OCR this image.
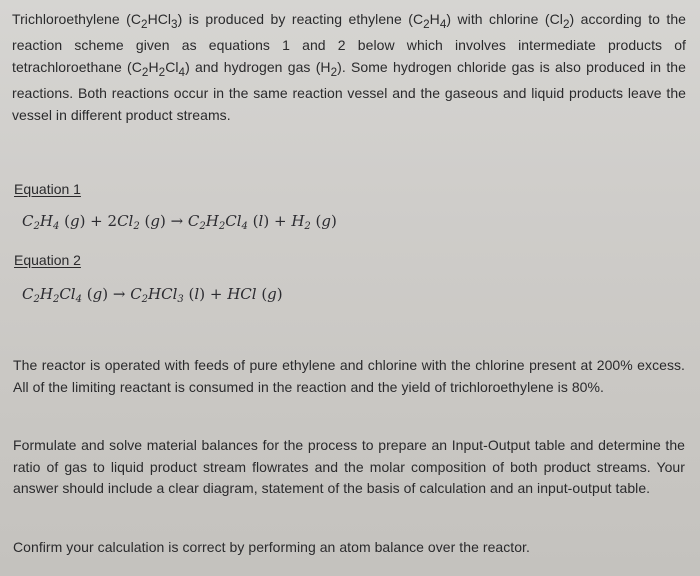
Trichloroethylene $(C_2HCl_3)$ is produced by reacting ethylene $(C_2H_4)$ with chlorine $(Cl_2)$ according to the reaction scheme given as equations 1 and 2 below which involves intermediate products of tetrachloroethane $(C_2H_2Cl_4)$ and hydrogen gas $(H_2)$. Some hydrogen chloride gas is also produced in the reactions. Both reactions occur in the same reaction vessel and the gaseous and liquid products leave the vessel in different product streams.

Equation 1

$C_2H_4$ $(g) + 2Cl_2$ $(g) \to C_2H_2Cl_4$ $(l) + H_2$ (g)

Equation 2

$C_2H_2Cl_4$ $(g) \to C_2HCl_3$ (l) + HCl (g)

The reactor is operated with feeds of pure ethylene and chlorine with the chlorine present at 200% excess. All of the limiting reactant is consumed in the reaction and the yield of trichloroethylene is 80%.

Formulate and solve material balances for the process to prepare an Input-Output table and determine the ratio of gas to liquid product stream flowrates and the molar composition of both product streams. Your answer should include a clear diagram, statement of the basis of calculation and an input-output table.

Confirm your calculation is correct by performing an atom balance over the reactor.
